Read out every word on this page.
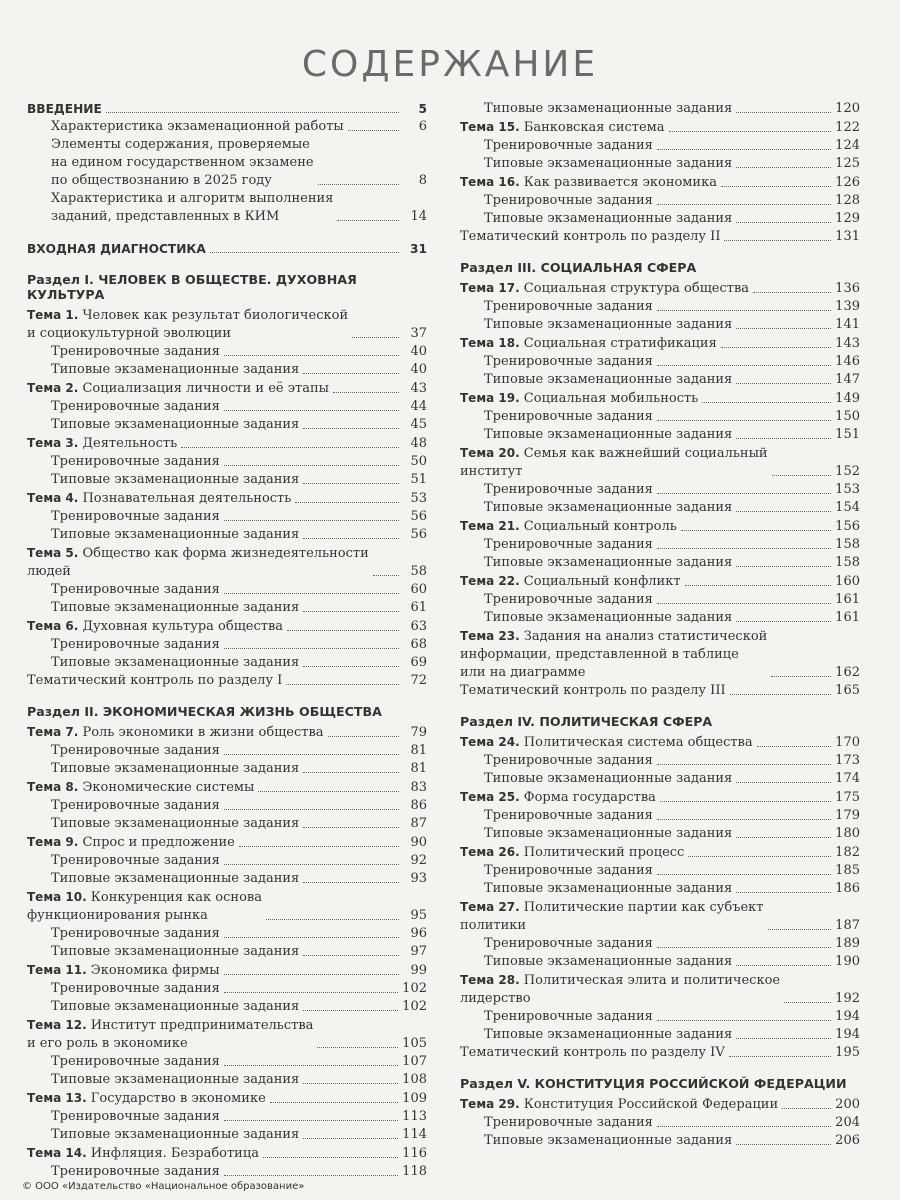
СОДЕРЖАНИЕ
ВВЕДЕНИЕ	5
Характеристика экзаменационной работы	6
Элементы содержания, проверяемые
на едином государственном экзамене
по обществознанию в 2025 году	8
Характеристика и алгоритм выполнения
заданий, представленных в КИМ	14
ВХОДНАЯ ДИАГНОСТИКА	31
Раздел I. ЧЕЛОВЕК В ОБЩЕСТВЕ. ДУХОВНАЯ КУЛЬТУРА
Тема 1. Человек как результат биологической
и социокультурной эволюции	37
Тренировочные задания	40
Типовые экзаменационные задания	40
Тема 2. Социализация личности и её этапы	43
Тренировочные задания	44
Типовые экзаменационные задания	45
Тема 3. Деятельность	48
Тренировочные задания	50
Типовые экзаменационные задания	51
Тема 4. Познавательная деятельность	53
Тренировочные задания	56
Типовые экзаменационные задания	56
Тема 5. Общество как форма жизнедеятельности
людей	58
Тренировочные задания	60
Типовые экзаменационные задания	61
Тема 6. Духовная культура общества	63
Тренировочные задания	68
Типовые экзаменационные задания	69
Тематический контроль по разделу I	72
Раздел II. ЭКОНОМИЧЕСКАЯ ЖИЗНЬ ОБЩЕСТВА
Тема 7. Роль экономики в жизни общества	79
Тренировочные задания	81
Типовые экзаменационные задания	81
Тема 8. Экономические системы	83
Тренировочные задания	86
Типовые экзаменационные задания	87
Тема 9. Спрос и предложение	90
Тренировочные задания	92
Типовые экзаменационные задания	93
Тема 10. Конкуренция как основа
функционирования рынка	95
Тренировочные задания	96
Типовые экзаменационные задания	97
Тема 11. Экономика фирмы	99
Тренировочные задания	102
Типовые экзаменационные задания	102
Тема 12. Институт предпринимательства
и его роль в экономике	105
Тренировочные задания	107
Типовые экзаменационные задания	108
Тема 13. Государство в экономике	109
Тренировочные задания	113
Типовые экзаменационные задания	114
Тема 14. Инфляция. Безработица	116
Тренировочные задания	118
Типовые экзаменационные задания	120
Тема 15. Банковская система	122
Тренировочные задания	124
Типовые экзаменационные задания	125
Тема 16. Как развивается экономика	126
Тренировочные задания	128
Типовые экзаменационные задания	129
Тематический контроль по разделу II	131
Раздел III. СОЦИАЛЬНАЯ СФЕРА
Тема 17. Социальная структура общества	136
Тренировочные задания	139
Типовые экзаменационные задания	141
Тема 18. Социальная стратификация	143
Тренировочные задания	146
Типовые экзаменационные задания	147
Тема 19. Социальная мобильность	149
Тренировочные задания	150
Типовые экзаменационные задания	151
Тема 20. Семья как важнейший социальный
институт	152
Тренировочные задания	153
Типовые экзаменационные задания	154
Тема 21. Социальный контроль	156
Тренировочные задания	158
Типовые экзаменационные задания	158
Тема 22. Социальный конфликт	160
Тренировочные задания	161
Типовые экзаменационные задания	161
Тема 23. Задания на анализ статистической
информации, представленной в таблице
или на диаграмме	162
Тематический контроль по разделу III	165
Раздел IV. ПОЛИТИЧЕСКАЯ СФЕРА
Тема 24. Политическая система общества	170
Тренировочные задания	173
Типовые экзаменационные задания	174
Тема 25. Форма государства	175
Тренировочные задания	179
Типовые экзаменационные задания	180
Тема 26. Политический процесс	182
Тренировочные задания	185
Типовые экзаменационные задания	186
Тема 27. Политические партии как субъект
политики	187
Тренировочные задания	189
Типовые экзаменационные задания	190
Тема 28. Политическая элита и политическое
лидерство	192
Тренировочные задания	194
Типовые экзаменационные задания	194
Тематический контроль по разделу IV	195
Раздел V. КОНСТИТУЦИЯ РОССИЙСКОЙ ФЕДЕРАЦИИ
Тема 29. Конституция Российской Федерации	200
Тренировочные задания	204
Типовые экзаменационные задания	206
© ООО «Издательство «Национальное образование»
